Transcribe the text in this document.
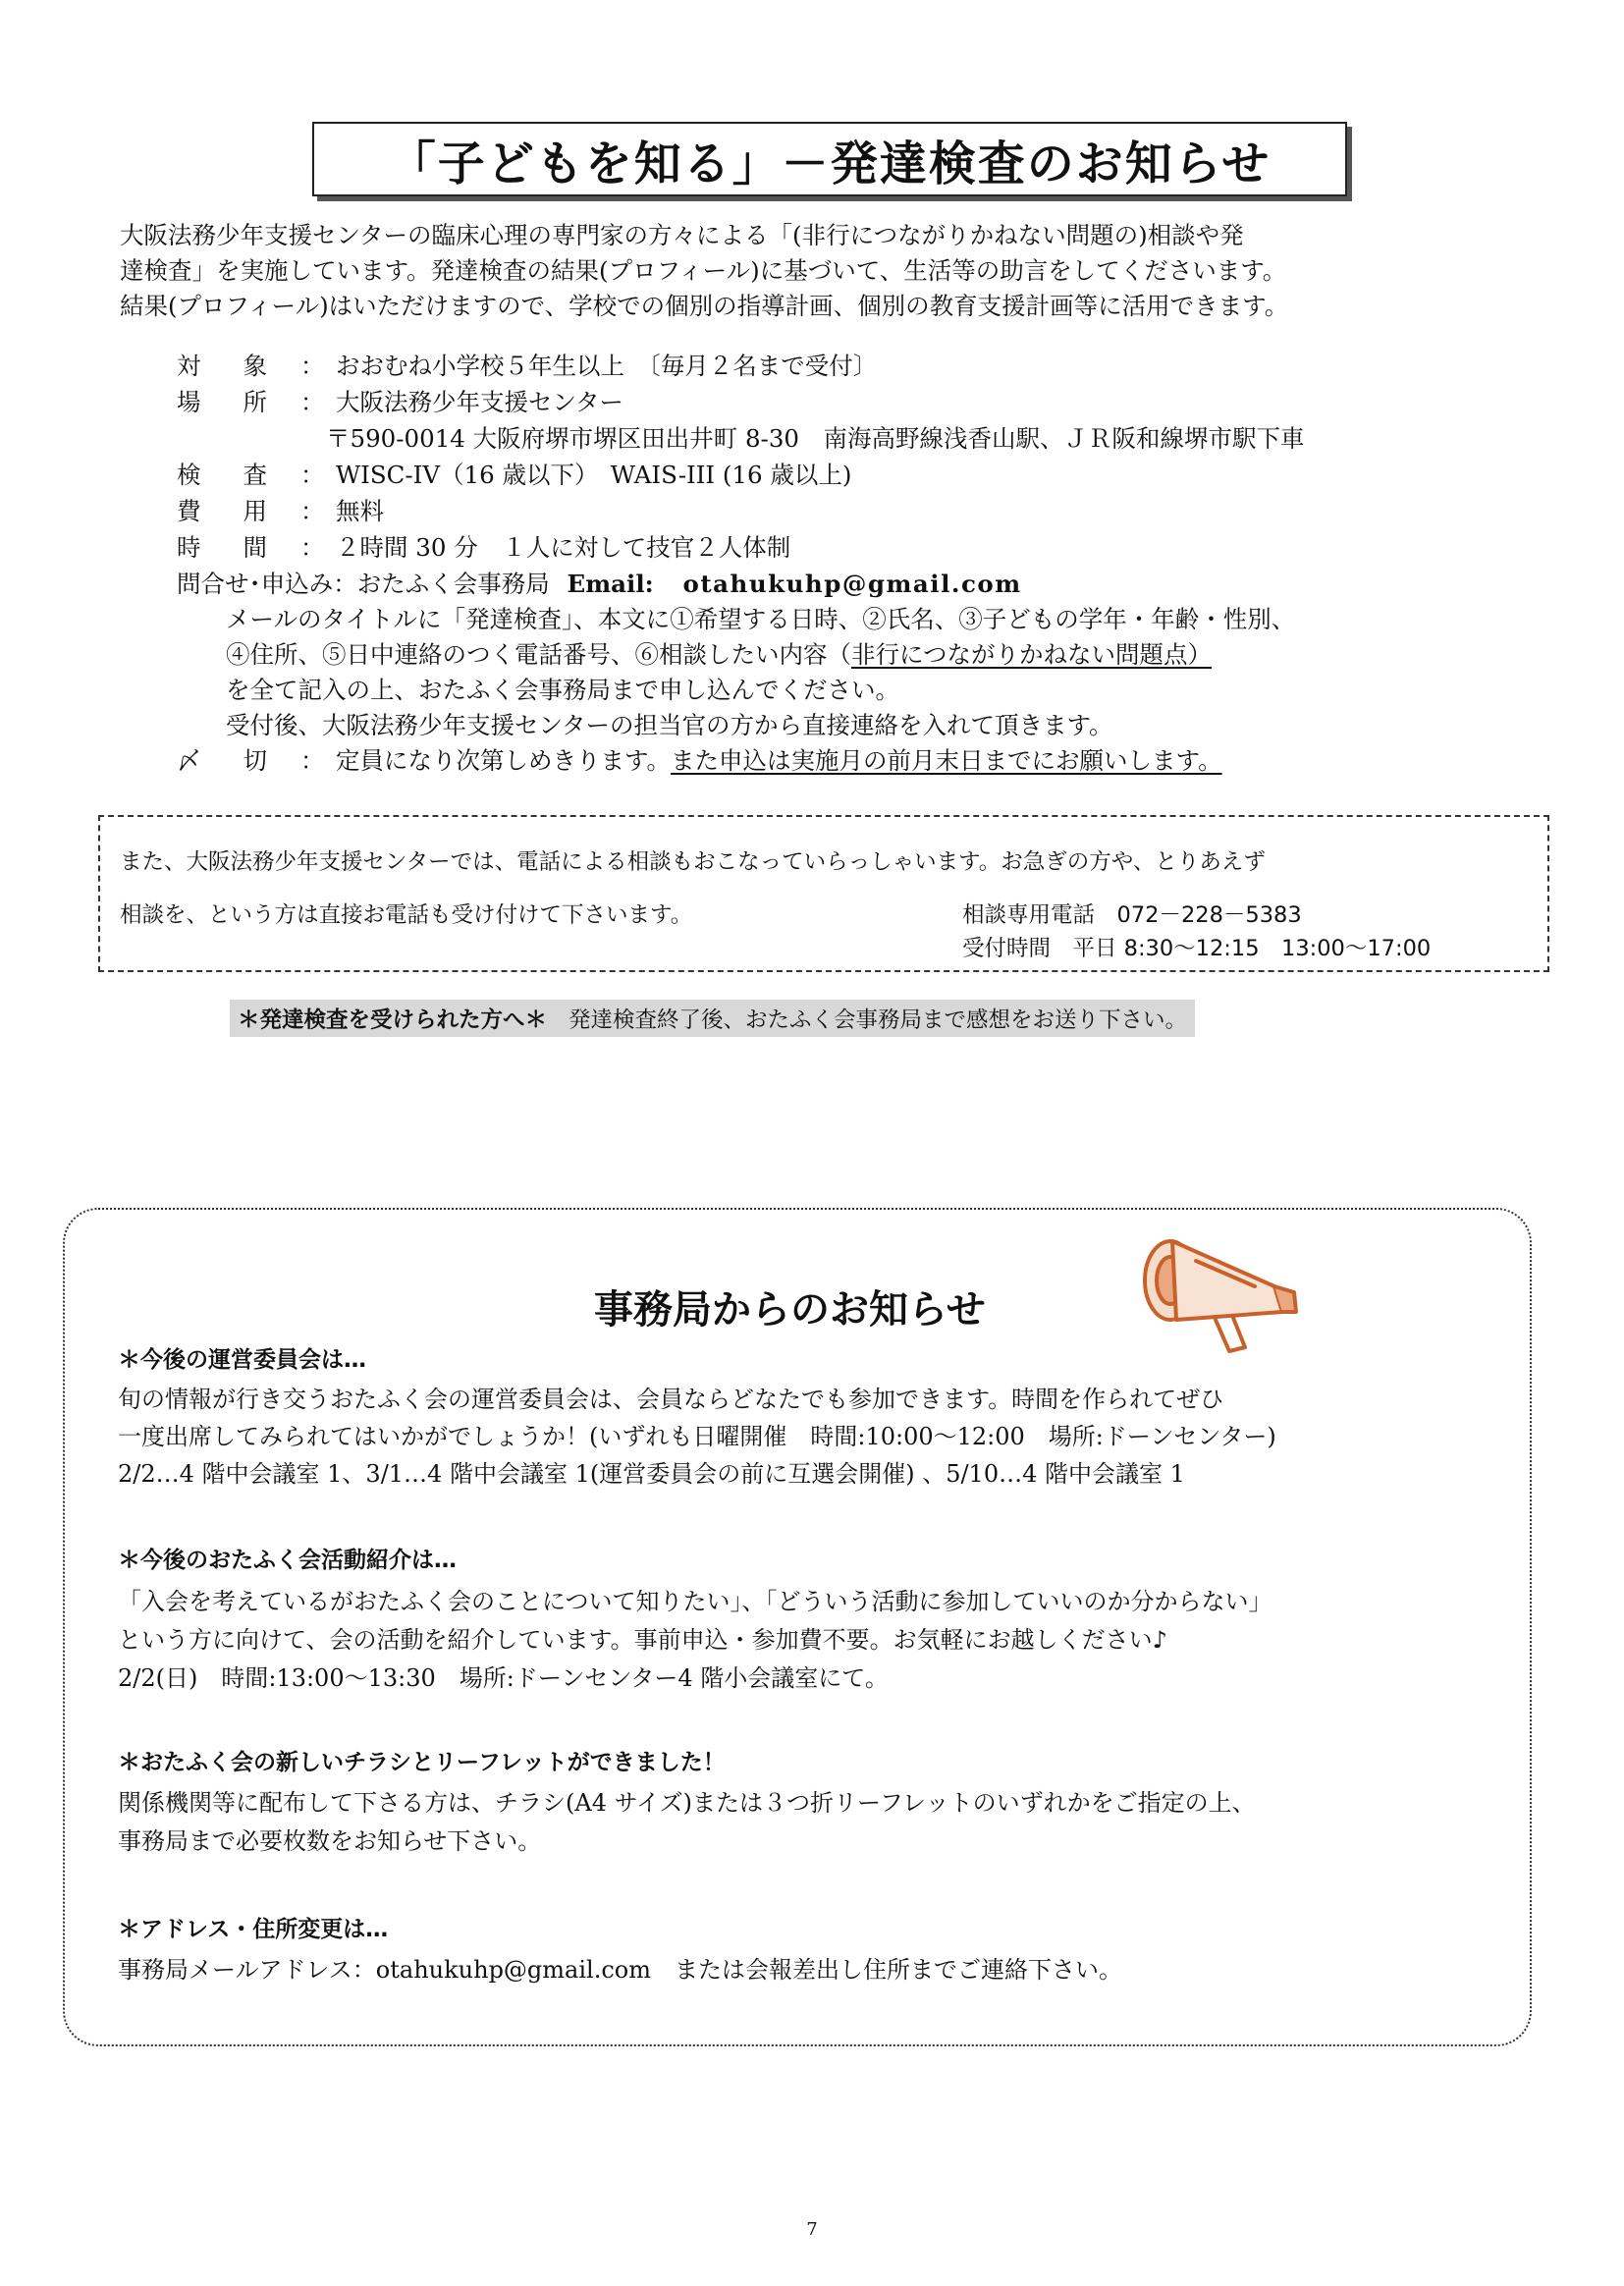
「子どもを知る」－発達検査のお知らせ
大阪法務少年支援センターの臨床心理の専門家の方々による「(非行につながりかねない問題の)相談や発
達検査」を実施しています。発達検査の結果(プロフィール)に基づいて、生活等の助言をしてくださいます。
結果(プロフィール)はいただけますので、学校での個別の指導計画、個別の教育支援計画等に活用できます。
対 象 ： おおむね小学校５年生以上　〔毎月２名まで受付〕
場 所 ： 大阪法務少年支援センター
〒590-0014 大阪府堺市堺区田出井町 8-30　南海高野線浅香山駅、ＪＲ阪和線堺市駅下車
検 査 ： WISC-IV（16 歳以下）　WAIS-III (16 歳以上)
費 用 ： 無料
時 間 ： ２時間 30 分　１人に対して技官２人体制
問合せ･申込み：おたふく会事務局 Email: otahukuhp@gmail.com
メールのタイトルに「発達検査」、本文に①希望する日時、②氏名、③子どもの学年・年齢・性別、
④住所、⑤日中連絡のつく電話番号、⑥相談したい内容（非行につながりかねない問題点）
を全て記入の上、おたふく会事務局まで申し込んでください。
受付後、大阪法務少年支援センターの担当官の方から直接連絡を入れて頂きます。
〆 切 ： 定員になり次第しめきります。また申込は実施月の前月末日までにお願いします。
また、大阪法務少年支援センターでは、電話による相談もおこなっていらっしゃいます。お急ぎの方や、とりあえず
相談を、という方は直接お電話も受け付けて下さいます。	相談専用電話　072－228－5383
受付時間　平日 8:30～12:15　13:00～17:00
＊発達検査を受けられた方へ＊ 発達検査終了後、おたふく会事務局まで感想をお送り下さい。
事務局からのお知らせ
＊今後の運営委員会は…
旬の情報が行き交うおたふく会の運営委員会は、会員ならどなたでも参加できます。時間を作られてぜひ
一度出席してみられてはいかがでしょうか！(いずれも日曜開催　時間:10:00～12:00　場所:ドーンセンター)
2/2…4 階中会議室 1、3/1…4 階中会議室 1(運営委員会の前に互選会開催) 、5/10…4 階中会議室 1
＊今後のおたふく会活動紹介は…
「入会を考えているがおたふく会のことについて知りたい」、「どういう活動に参加していいのか分からない」
という方に向けて、会の活動を紹介しています。事前申込・参加費不要。お気軽にお越しください♪
2/2(日)　時間:13:00～13:30　場所:ドーンセンター4 階小会議室にて。
＊おたふく会の新しいチラシとリーフレットができました！
関係機関等に配布して下さる方は、チラシ(A4 サイズ)または３つ折リーフレットのいずれかをご指定の上、
事務局まで必要枚数をお知らせ下さい。
＊アドレス・住所変更は…
事務局メールアドレス：otahukuhp@gmail.com　または会報差出し住所までご連絡下さい。
7
